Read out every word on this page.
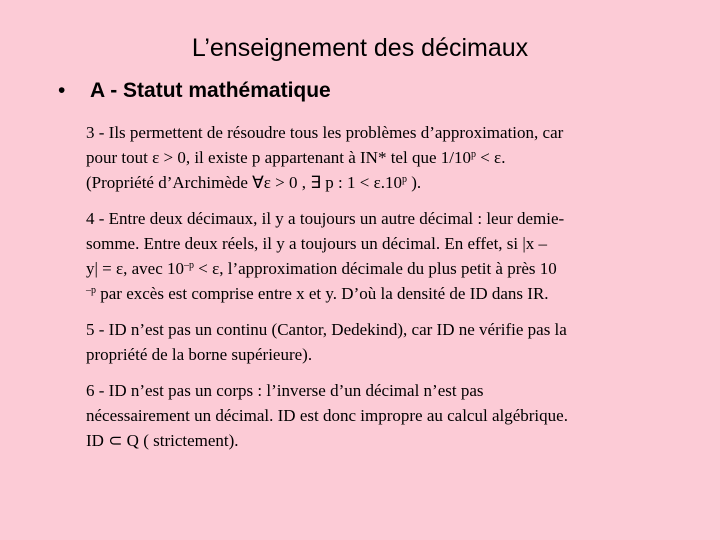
L’enseignement des décimaux
• A - Statut mathématique

3 - Ils permettent de résoudre tous les problèmes d’approximation, car
pour tout ε > 0, il existe p appartenant à IN* tel que $1/10^p < \varepsilon$.
(Propriété d’Archimède ∀ε > 0 , ∃ p : $1 < \varepsilon.10^p$ ).

4 - Entre deux décimaux, il y a toujours un autre décimal : leur demie-
somme. Entre deux réels, il y a toujours un décimal. En effet, si |x –
y| = ε, avec $10^{-p} < \varepsilon$, l’approximation décimale du plus petit à près 10
$^{-p}$ par excès est comprise entre x et y. D’où la densité de ID dans IR.

5 - ID n’est pas un continu (Cantor, Dedekind), car ID ne vérifie pas la
propriété de la borne supérieure).

6 - ID n’est pas un corps : l’inverse d’un décimal n’est pas
nécessairement un décimal. ID est donc impropre au calcul algébrique.
ID ⊂ Q ( strictement).
